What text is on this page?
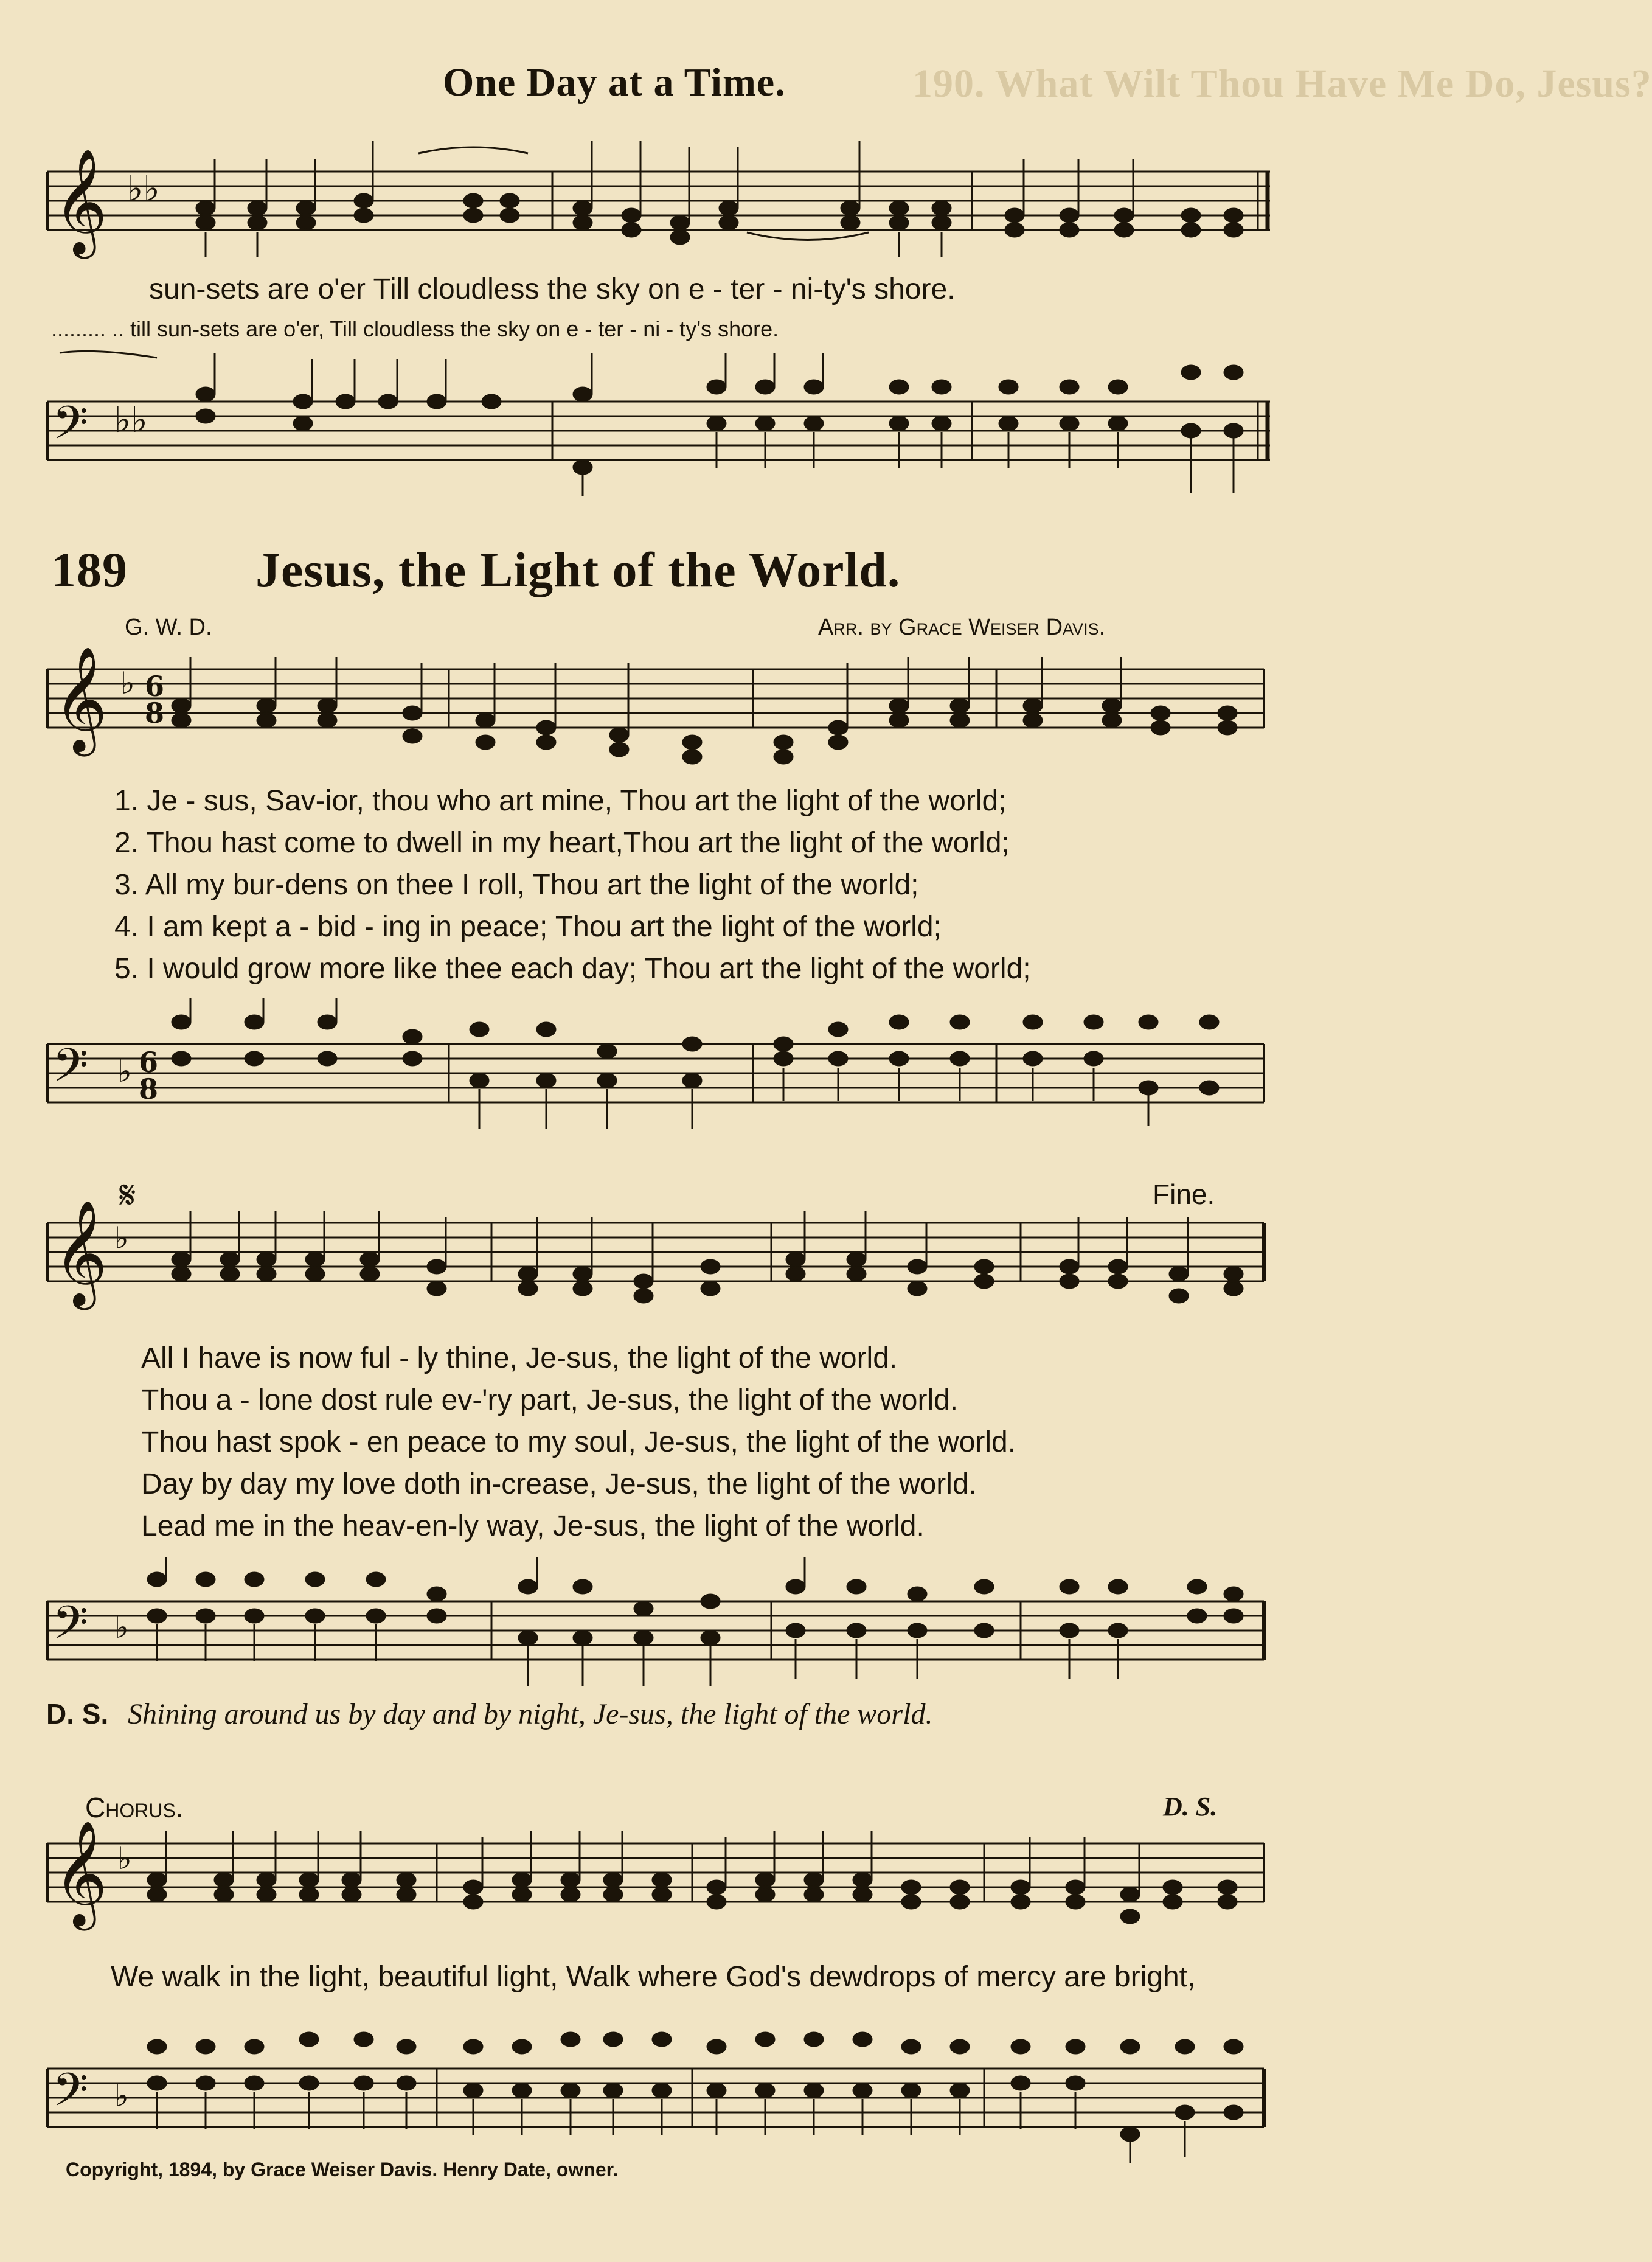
190. What Wilt Thou Have Me Do, Jesus?
One Day at a Time.
𝄞 ♭♭
sun-sets are o'er Till cloudless the sky on e - ter - ni-ty's shore.
......... .. till sun-sets are o'er, Till cloudless the sky on e - ter - ni - ty's shore.
𝄢 ♭♭
189	Jesus, the Light of the World.
G. W. D.	Arr. by Grace Weiser Davis.
𝄞 ♭ 6
8
1. Je - sus, Sav-ior, thou who art mine, Thou art the light of the world;
2. Thou hast come to dwell in my heart,Thou art the light of the world;
3. All my bur-dens on thee I roll, Thou art the light of the world;
4. I am kept a - bid - ing in peace; Thou art the light of the world;
5. I would grow more like thee each day; Thou art the light of the world;
𝄢 ♭ 6
8
𝄋	Fine.
𝄞 ♭
All I have is now ful - ly thine, Je-sus, the light of the world.
Thou a - lone dost rule ev-'ry part, Je-sus, the light of the world.
Thou hast spok - en peace to my soul, Je-sus, the light of the world.
Day by day my love doth in-crease, Je-sus, the light of the world.
Lead me in the heav-en-ly way, Je-sus, the light of the world.
𝄢 ♭
D. S. Shining around us by day and by night, Je-sus, the light of the world.
Chorus.	D. S.
𝄞 ♭
We walk in the light, beautiful light, Walk where God's dewdrops of mercy are bright,
𝄢 ♭
Copyright, 1894, by Grace Weiser Davis. Henry Date, owner.
